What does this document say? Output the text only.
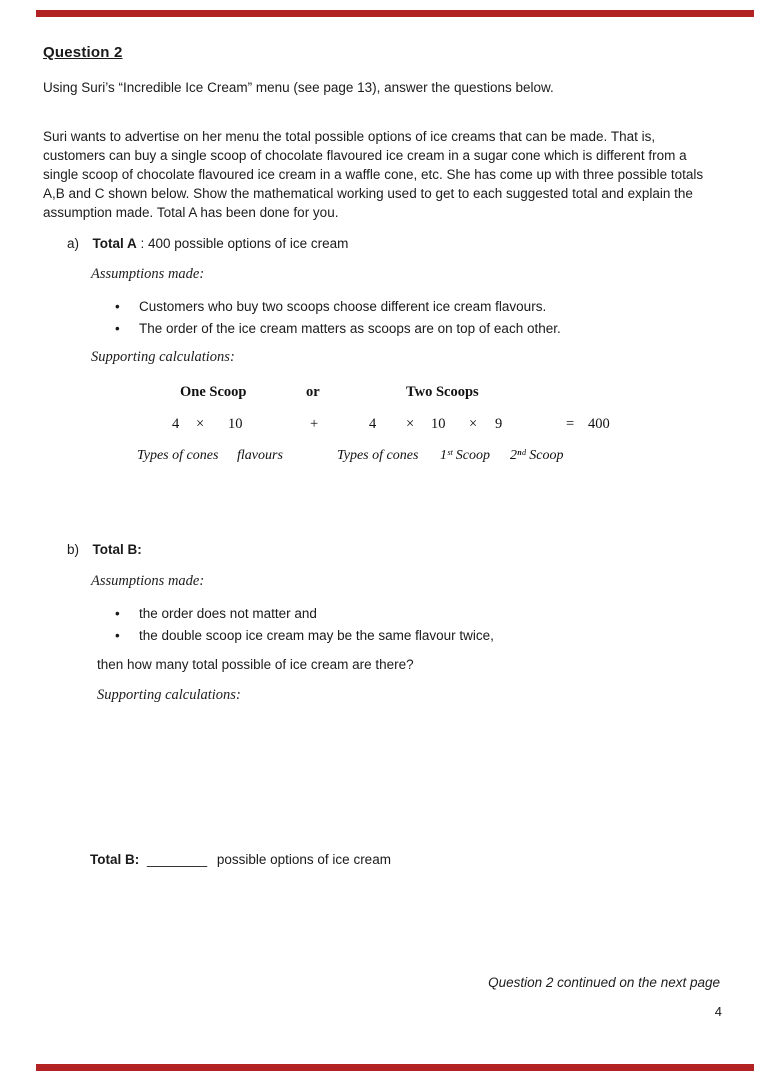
Question 2
Using Suri’s “Incredible Ice Cream” menu (see page 13), answer the questions below.
Suri wants to advertise on her menu the total possible options of ice creams that can be made. That is, customers can buy a single scoop of chocolate flavoured ice cream in a sugar cone which is different from a single scoop of chocolate flavoured ice cream in a waffle cone, etc. She has come up with three possible totals A,B and C shown below. Show the mathematical working used to get to each suggested total and explain the assumption made. Total A has been done for you.
a) Total A : 400 possible options of ice cream
Assumptions made:
•
Customers who buy two scoops choose different ice cream flavours.
•
The order of the ice cream matters as scoops are on top of each other.
Supporting calculations:
One Scoop	or	Two Scoops
4 × 10	+	4 × 10 × 9	= 400
Types of cones flavours	Types of cones 1ˢᵗ Scoop 2ⁿᵈ Scoop
b) Total B:
Assumptions made:
•
the order does not matter and
•
the double scoop ice cream may be the same flavour twice,
then how many total possible of ice cream are there?
Supporting calculations:
Total B: ________ possible options of ice cream
Question 2 continued on the next page
4
